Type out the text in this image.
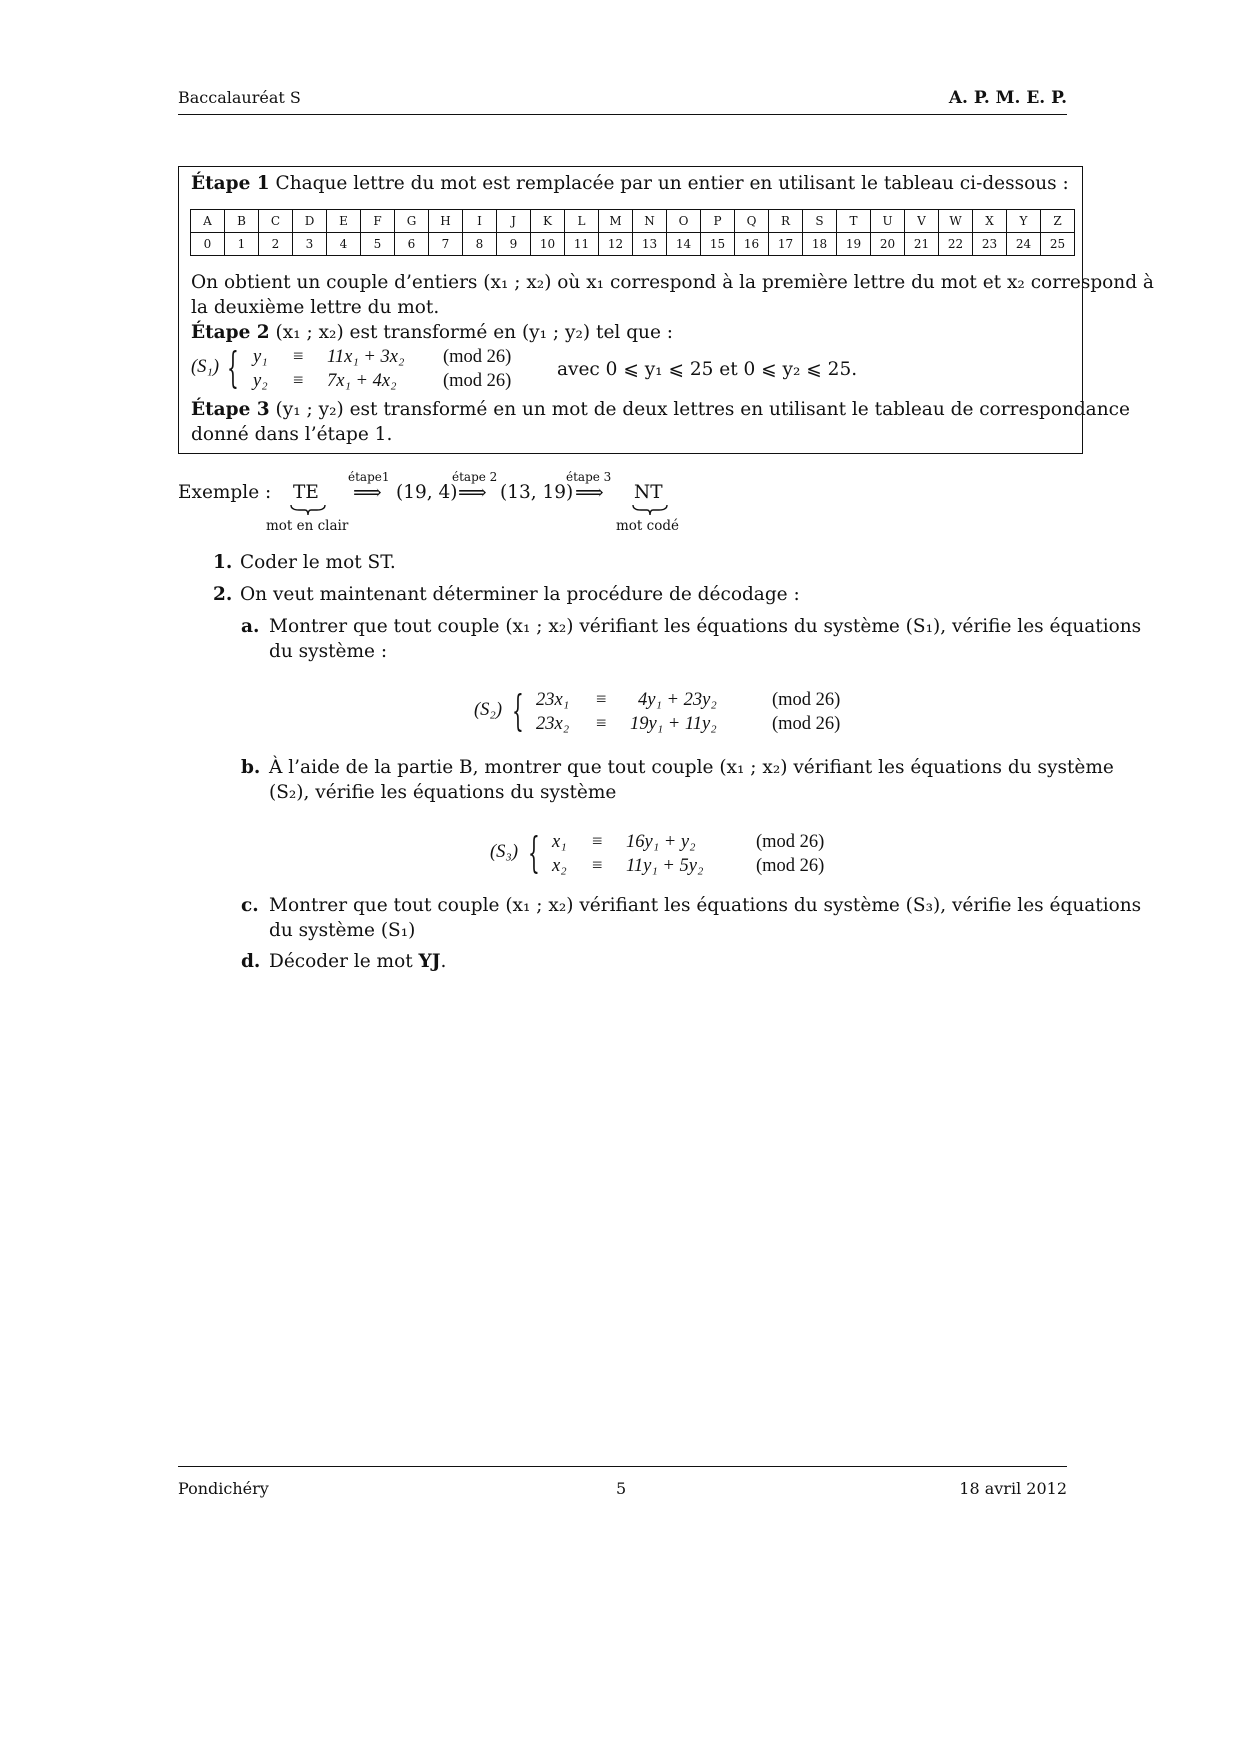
Baccalauréat S	A. P. M. E. P.
Étape 1 Chaque lettre du mot est remplacée par un entier en utilisant le tableau ci-dessous :
A	B	C	D	E	F	G	H	I	J	K	L	M	N	O	P	Q	R	S	T	U	V	W	X	Y	Z
0	1	2	3	4	5	6	7	8	9	10	11	12	13	14	15	16	17	18	19	20	21	22	23	24	25
On obtient un couple d’entiers (x₁ ; x₂) où x₁ correspond à la première lettre du mot et x₂ correspond à
la deuxième lettre du mot.
Étape 2 (x₁ ; x₂) est transformé en (y₁ ; y₂) tel que :
(S₁) { y₁ ≡ 11x₁ + 3x₂ (mod 26)
y₂ ≡ 7x₁ + 4x₂	(mod 26)
avec 0 ⩽ y₁ ⩽ 25 et 0 ⩽ y₂ ⩽ 25.
Étape 3 (y₁ ; y₂) est transformé en un mot de deux lettres en utilisant le tableau de correspondance
donné dans l’étape 1.
Exemple : TE
mot en clair
étape1
⟹ (19, 4)
étape 2
⟹ (13, 19)
étape 3
⟹ NT
mot codé
1. Coder le mot ST.
2. On veut maintenant déterminer la procédure de décodage :
a. Montrer que tout couple (x₁ ; x₂) vérifiant les équations du système (S₁), vérifie les équations
du système :
(S₂) { 23x₁ ≡ 4y₁ + 23y₂	(mod 26)
23x₂ ≡ 19y₁ + 11y₂	(mod 26)
b. À l’aide de la partie B, montrer que tout couple (x₁ ; x₂) vérifiant les équations du système
(S₂), vérifie les équations du système
(S₃) { x₁ ≡ 16y₁ + y₂	(mod 26)
x₂ ≡ 11y₁ + 5y₂	(mod 26)
c. Montrer que tout couple (x₁ ; x₂) vérifiant les équations du système (S₃), vérifie les équations
du système (S₁)
d. Décoder le mot YJ.
Pondichéry	5	18 avril 2012
